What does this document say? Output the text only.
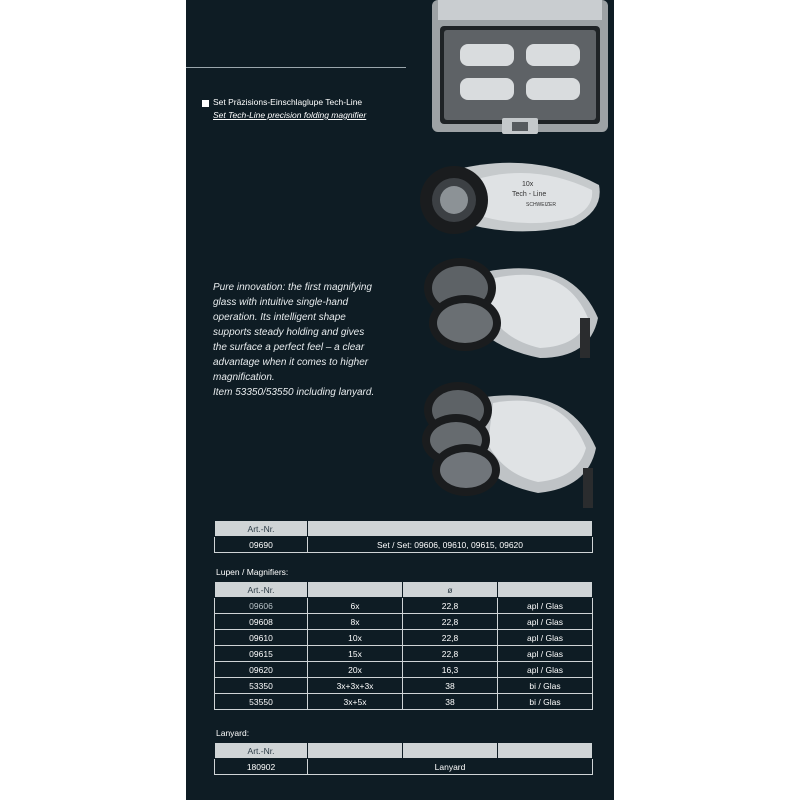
Set Präzisions-Einschlaglupe Tech-Line
Set Tech-Line precision folding magnifier
10x
Tech - Line
SCHWEIZER

Pure innovation: the first magnifying
glass with intuitive single-hand
operation. Its intelligent shape
supports steady holding and gives
the surface a perfect feel – a clear
advantage when it comes to higher
magnification.
Item 53350/53550 including lanyard.

Art.-Nr.	
09690	Set / Set: 09606, 09610, 09615, 09620
Lupen / Magnifiers:
Art.-Nr.		ø	
09606	6x	22,8	apl / Glas
09608	8x	22,8	apl / Glas
09610	10x	22,8	apl / Glas
09615	15x	22,8	apl / Glas
09620	20x	16,3	apl / Glas
53350	3x+3x+3x	38	bi / Glas
53550	3x+5x	38	bi / Glas
Lanyard:
Art.-Nr.			
180902	Lanyard		
